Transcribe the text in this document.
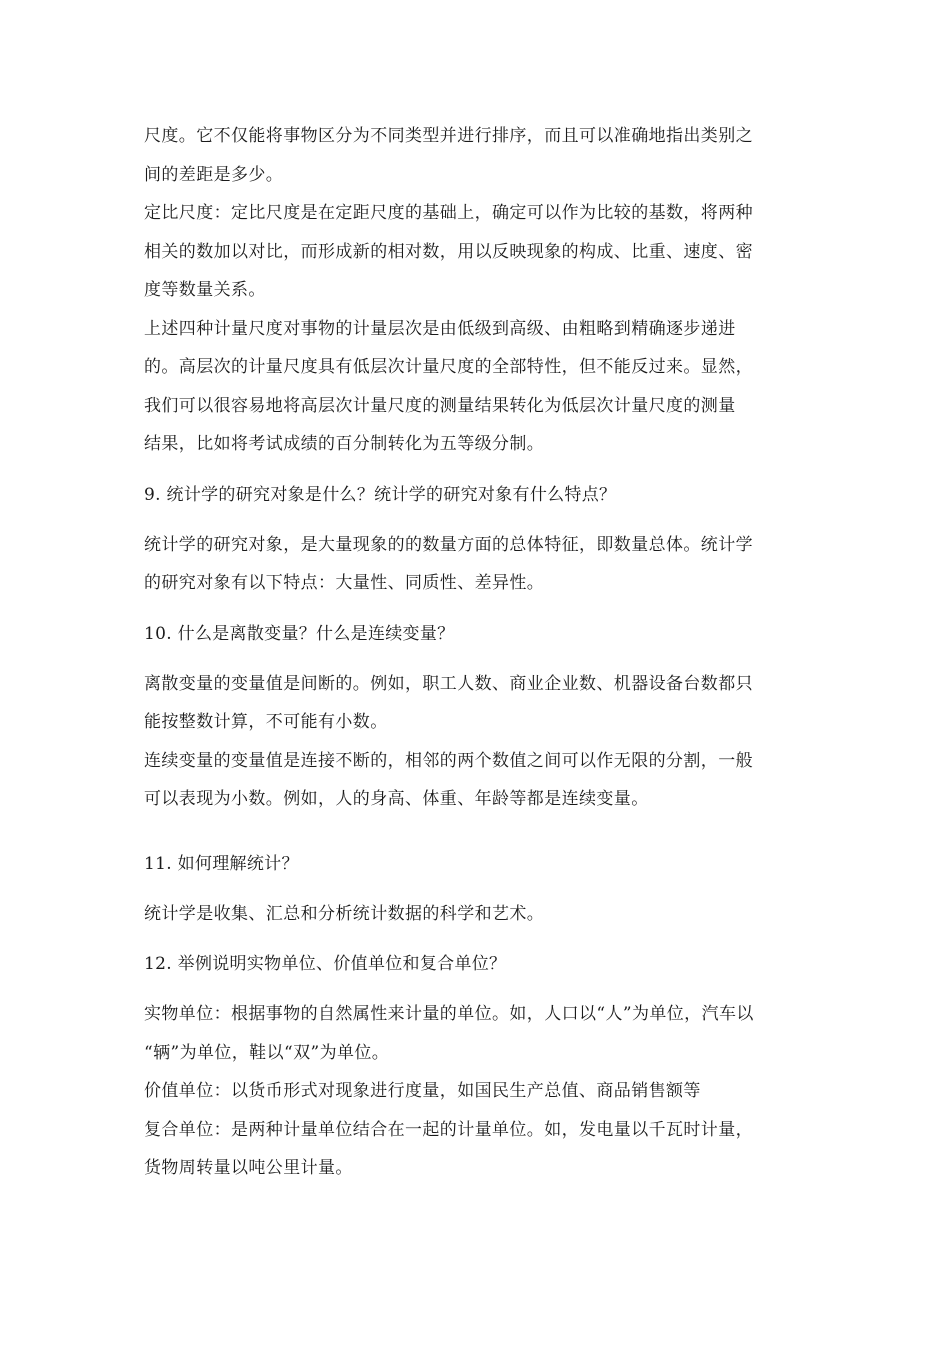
尺度。它不仅能将事物区分为不同类型并进行排序，而且可以准确地指出类别之

间的差距是多少。

定比尺度：定比尺度是在定距尺度的基础上，确定可以作为比较的基数，将两种

相关的数加以对比，而形成新的相对数，用以反映现象的构成、比重、速度、密

度等数量关系。

上述四种计量尺度对事物的计量层次是由低级到高级、由粗略到精确逐步递进

的。高层次的计量尺度具有低层次计量尺度的全部特性，但不能反过来。显然，

我们可以很容易地将高层次计量尺度的测量结果转化为低层次计量尺度的测量

结果，比如将考试成绩的百分制转化为五等级分制。

9. 统计学的研究对象是什么？统计学的研究对象有什么特点？

统计学的研究对象，是大量现象的的数量方面的总体特征，即数量总体。统计学

的研究对象有以下特点：大量性、同质性、差异性。

10. 什么是离散变量？什么是连续变量？

离散变量的变量值是间断的。例如，职工人数、商业企业数、机器设备台数都只

能按整数计算，不可能有小数。

连续变量的变量值是连接不断的，相邻的两个数值之间可以作无限的分割，一般

可以表现为小数。例如，人的身高、体重、年龄等都是连续变量。

11. 如何理解统计？

统计学是收集、汇总和分析统计数据的科学和艺术。

12. 举例说明实物单位、价值单位和复合单位？

实物单位：根据事物的自然属性来计量的单位。如，人口以“人”为单位，汽车以

“辆”为单位，鞋以“双”为单位。

价值单位：以货币形式对现象进行度量，如国民生产总值、商品销售额等

复合单位：是两种计量单位结合在一起的计量单位。如，发电量以千瓦时计量，

货物周转量以吨公里计量。
